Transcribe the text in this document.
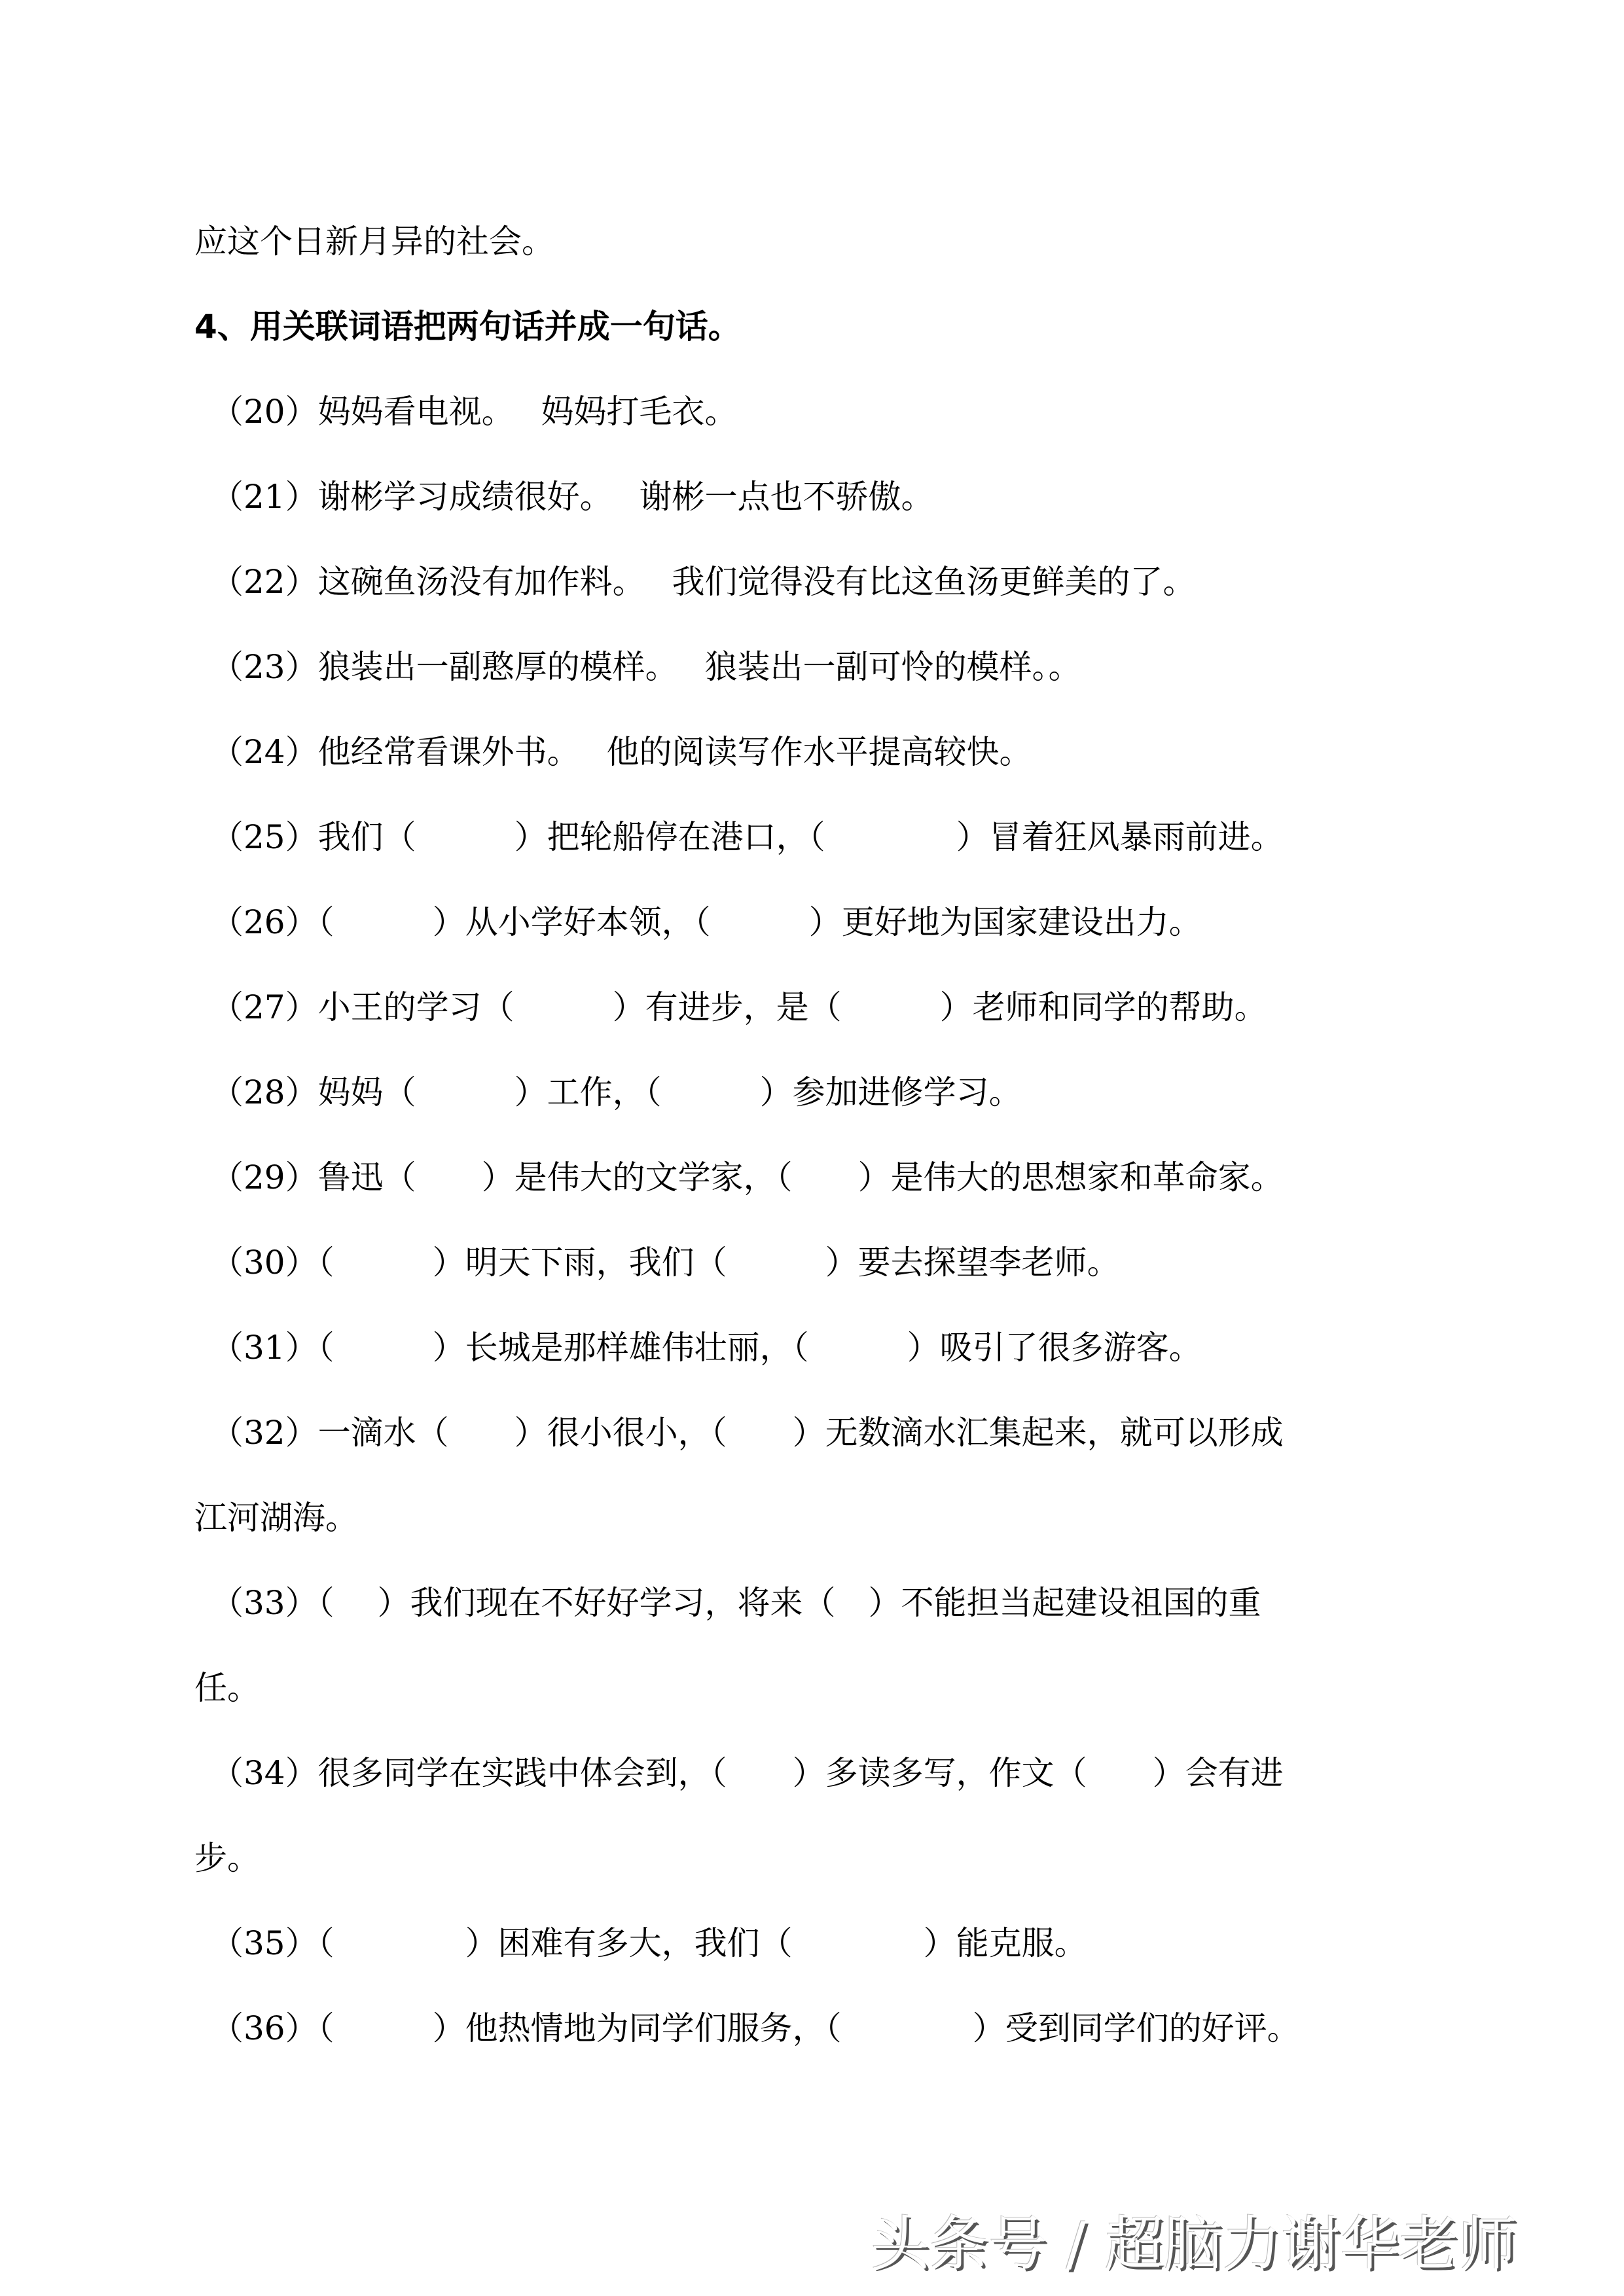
应这个日新月异的社会。
4、用关联词语把两句话并成一句话。
（20）妈妈看电视。　 妈妈打毛衣。
（21）谢彬学习成绩很好。　 谢彬一点也不骄傲。
（22）这碗鱼汤没有加作料。　 我们觉得没有比这鱼汤更鲜美的了。
（23）狼装出一副憨厚的模样。　 狼装出一副可怜的模样。。
（24）他经常看课外书。　 他的阅读写作水平提高较快。
（25）我们（　　　）把轮船停在港口，（　　　　）冒着狂风暴雨前进。
（26）（　　　）从小学好本领，（　　　）更好地为国家建设出力。
（27）小王的学习（　　　）有进步，是（　　　）老师和同学的帮助。
（28）妈妈（　　　）工作，（　　　）参加进修学习。
（29）鲁迅（　　）是伟大的文学家，（　　）是伟大的思想家和革命家。
（30）（　　　）明天下雨，我们（　　　）要去探望李老师。
（31）（　　　）长城是那样雄伟壮丽，（　　　）吸引了很多游客。
（32）一滴水（　　）很小很小，（　　）无数滴水汇集起来，就可以形成
江河湖海。
（33）（　 ）我们现在不好好学习，将来（　）不能担当起建设祖国的重
任。
（34）很多同学在实践中体会到，（　　）多读多写，作文（　　）会有进
步。
（35）（　　　　）困难有多大，我们（　　　　）能克服。
（36）（　　　）他热情地为同学们服务，（　　　　）受到同学们的好评。
头条号 / 超脑力谢华老师
